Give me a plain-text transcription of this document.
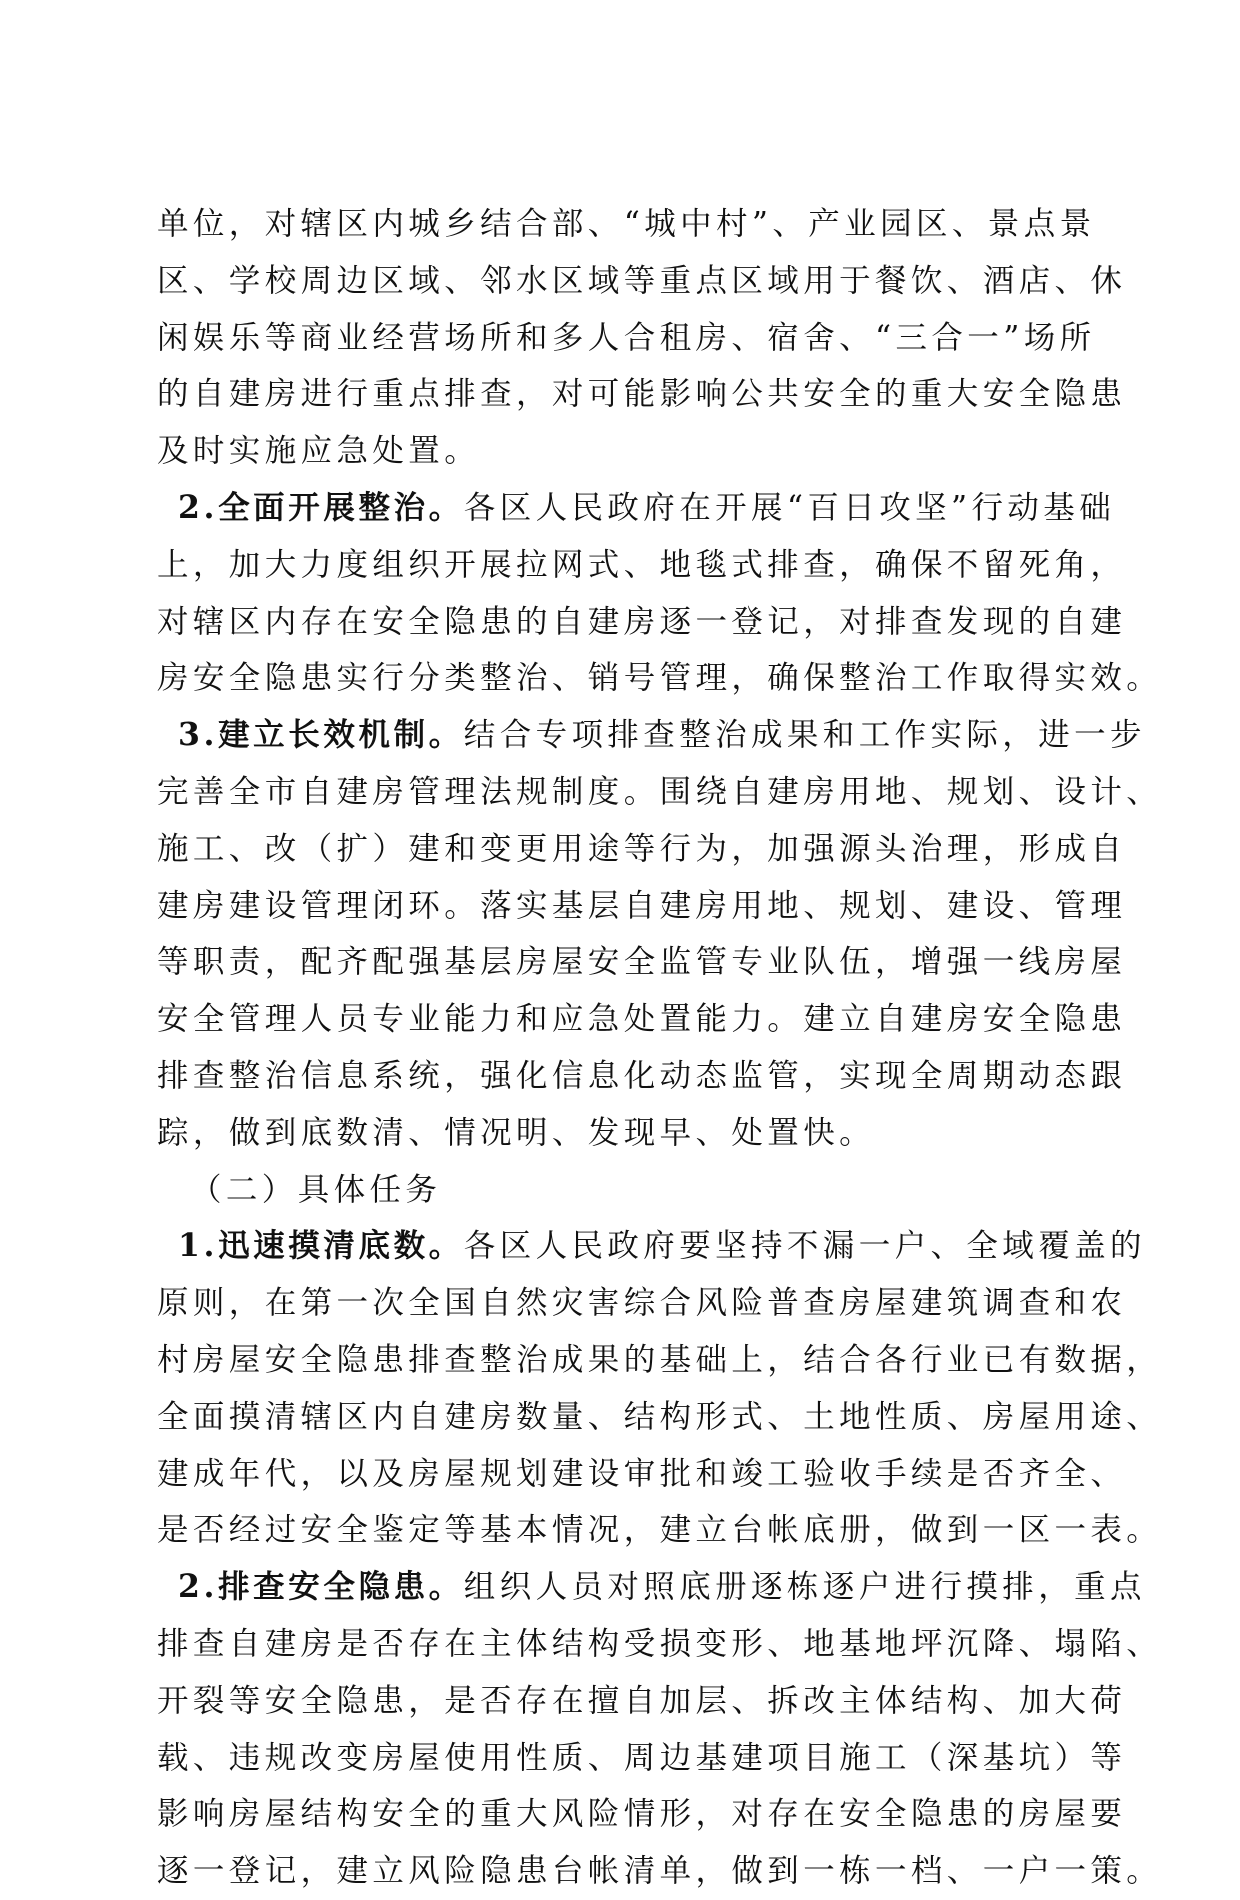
单位，对辖区内城乡结合部、“城中村”、产业园区、景点景
区、学校周边区域、邻水区域等重点区域用于餐饮、酒店、休
闲娱乐等商业经营场所和多人合租房、宿舍、“三合一”场所
的自建房进行重点排查，对可能影响公共安全的重大安全隐患
及时实施应急处置。
2.全面开展整治。各区人民政府在开展“百日攻坚”行动基础
上，加大力度组织开展拉网式、地毯式排查，确保不留死角，
对辖区内存在安全隐患的自建房逐一登记，对排查发现的自建
房安全隐患实行分类整治、销号管理，确保整治工作取得实效。
3.建立长效机制。结合专项排查整治成果和工作实际，进一步
完善全市自建房管理法规制度。围绕自建房用地、规划、设计、
施工、改（扩）建和变更用途等行为，加强源头治理，形成自
建房建设管理闭环。落实基层自建房用地、规划、建设、管理
等职责，配齐配强基层房屋安全监管专业队伍，增强一线房屋
安全管理人员专业能力和应急处置能力。建立自建房安全隐患
排查整治信息系统，强化信息化动态监管，实现全周期动态跟
踪，做到底数清、情况明、发现早、处置快。
（二）具体任务
1.迅速摸清底数。各区人民政府要坚持不漏一户、全域覆盖的
原则，在第一次全国自然灾害综合风险普查房屋建筑调查和农
村房屋安全隐患排查整治成果的基础上，结合各行业已有数据，
全面摸清辖区内自建房数量、结构形式、土地性质、房屋用途、
建成年代，以及房屋规划建设审批和竣工验收手续是否齐全、
是否经过安全鉴定等基本情况，建立台帐底册，做到一区一表。
2.排查安全隐患。组织人员对照底册逐栋逐户进行摸排，重点
排查自建房是否存在主体结构受损变形、地基地坪沉降、塌陷、
开裂等安全隐患，是否存在擅自加层、拆改主体结构、加大荷
载、违规改变房屋使用性质、周边基建项目施工（深基坑）等
影响房屋结构安全的重大风险情形，对存在安全隐患的房屋要
逐一登记，建立风险隐患台帐清单，做到一栋一档、一户一策。
